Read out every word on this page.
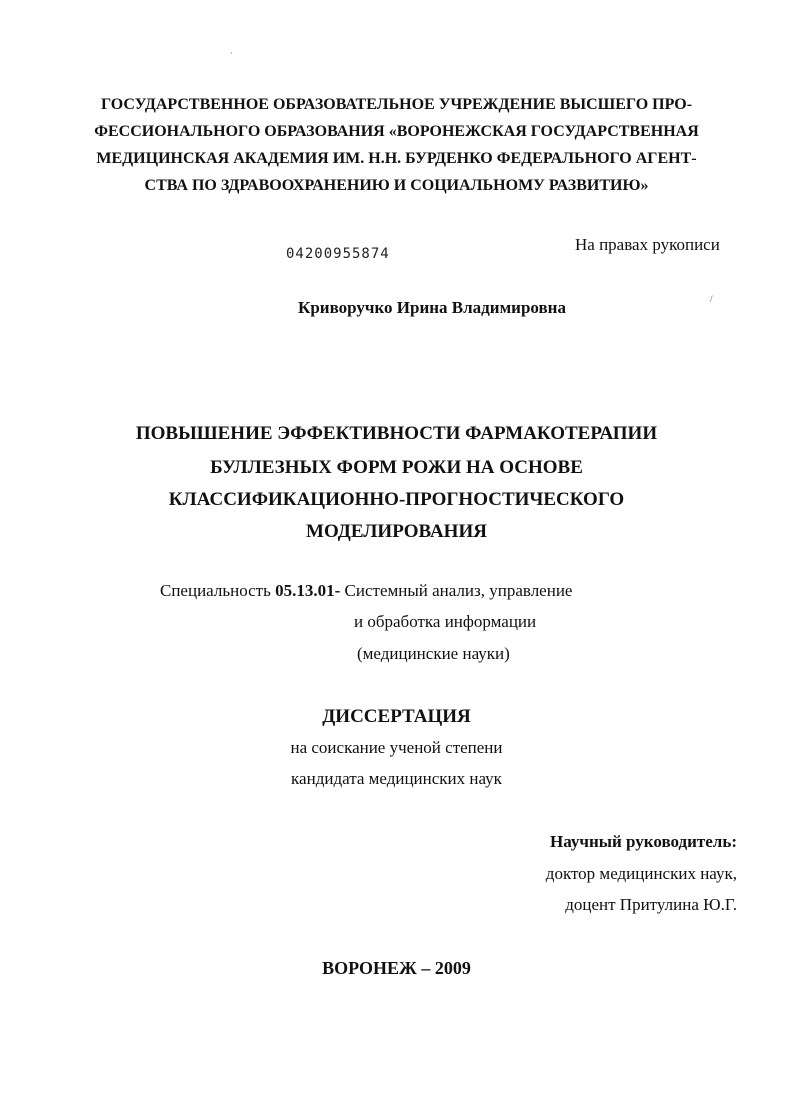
ˎ
/
ГОСУДАРСТВЕННОЕ ОБРАЗОВАТЕЛЬНОЕ УЧРЕЖДЕНИЕ ВЫСШЕГО ПРО-
ФЕССИОНАЛЬНОГО ОБРАЗОВАНИЯ «ВОРОНЕЖСКАЯ ГОСУДАРСТВЕННАЯ
МЕДИЦИНСКАЯ АКАДЕМИЯ ИМ. Н.Н. БУРДЕНКО ФЕДЕРАЛЬНОГО АГЕНТ-
СТВА ПО ЗДРАВООХРАНЕНИЮ И СОЦИАЛЬНОМУ РАЗВИТИЮ»
04200955874	На правах рукописи
Криворучко Ирина Владимировна
ПОВЫШЕНИЕ ЭФФЕКТИВНОСТИ ФАРМАКОТЕРАПИИ
БУЛЛЕЗНЫХ ФОРМ РОЖИ НА ОСНОВЕ
КЛАССИФИКАЦИОННО-ПРОГНОСТИЧЕСКОГО
МОДЕЛИРОВАНИЯ
Специальность 05.13.01- Системный анализ, управление
и обработка информации
(медицинские науки)
ДИССЕРТАЦИЯ
на соискание ученой степени
кандидата медицинских наук
Научный руководитель:
доктор медицинских наук,
доцент Притулина Ю.Г.
ВОРОНЕЖ – 2009
